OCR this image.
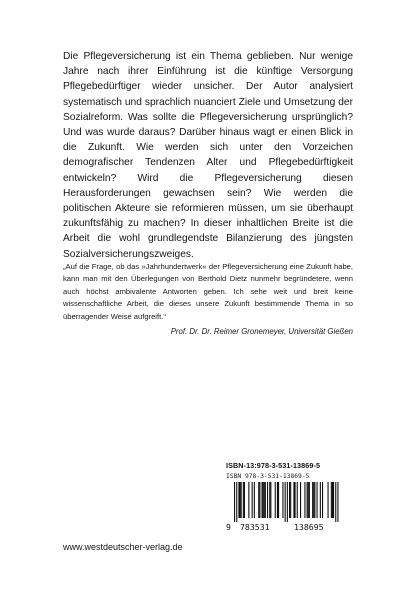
Die Pflegeversicherung ist ein Thema geblieben. Nur wenige Jahre nach ihrer Einführung ist die künftige Versorgung Pflegebedürftiger wieder unsicher. Der Autor analysiert systematisch und sprachlich nuanciert Ziele und Umsetzung der Sozialreform. Was sollte die Pflegeversicherung ursprünglich? Und was wurde daraus? Darüber hinaus wagt er einen Blick in die Zukunft. Wie werden sich unter den Vorzeichen demografischer Tendenzen Alter und Pflegebedürftigkeit entwickeln? Wird die Pflegeversicherung diesen Herausforderungen gewachsen sein? Wie werden die politischen Akteure sie reformieren müssen, um sie überhaupt zukunftsfähig zu machen? In dieser inhaltlichen Breite ist die Arbeit die wohl grundlegendste Bilanzierung des jüngsten Sozialversicherungszweiges.

„Auf die Frage, ob das »Jahrhundertwerk« der Pflegeversicherung eine Zukunft habe, kann man mit den Überlegungen von Berthold Dietz nunmehr begründetere, wenn auch höchst ambivalente Antworten geben. Ich sehe weit und breit keine wissenschaftliche Arbeit, die dieses unsere Zukunft bestimmende Thema in so überragender Weise aufgreift.“

Prof. Dr. Dr. Reimer Gronemeyer, Universität Gießen

ISBN-13:978-3-531-13869-5

ISBN 978-3-531-13869-5

9 783531	138695

www.westdeutscher-verlag.de
